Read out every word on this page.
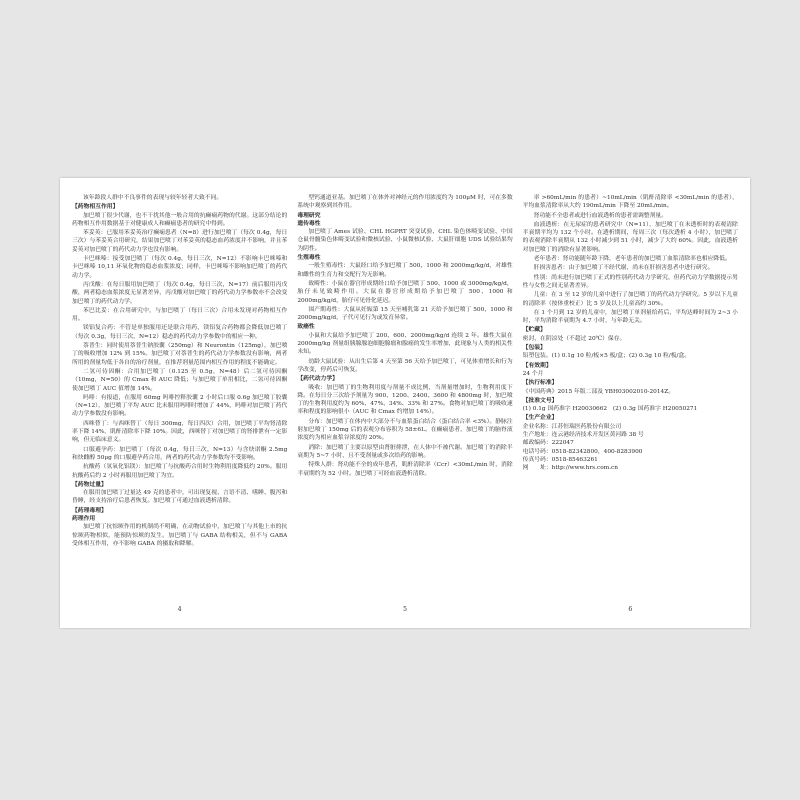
该年龄段人群中不良事件的表现与较年轻者大致不同。

【药物相互作用】

加巴喷丁很少代谢，也不干扰其他一般合用的抗癫痫药物的代谢。这部分结论的药物相互作用数据基于对健康成人和癫痫患者的研究中得到。

苯妥英：已服用苯妥英治疗癫痫患者（N=8）进行加巴喷丁（每次 0.4g，每日三次）与苯妥英合用研究，结果加巴喷丁对苯妥英的稳态血药浓度并不影响，并且苯妥英对加巴喷丁的药代动力学也没有影响。

卡巴咪嗪：接受加巴喷丁（每次 0.4g，每日三次，N=12）不影响卡巴咪嗪和卡巴咪嗪 10,11 环氧化物的稳态血浆浓度；同样，卡巴咪嗪不影响加巴喷丁的药代动力学。

丙戊酸：在每日服用加巴喷丁（每次 0.4g，每日三次，N=17）前后服用丙戊酸，两者稳态血浆浓度无显著差异，丙戊酸对加巴喷丁的药代动力学参数亦不会改变加巴喷丁的药代动力学。

苯巴比妥：在合用研究中，与加巴喷丁（每日三次）合用未发现对药物相互作用。

镁铝复合药：不管是单独服用还是联合用药，镁铝复合药物都会降低加巴喷丁（每次 0.3g，每日三次，N=12）稳态的药代动力学参数中的相应一种。

萘普生：同时使用萘普生钠胶囊（250mg）和 Neurontin（125mg），加巴喷丁的吸收增加 12% 到 15%。加巴喷丁对萘普生的药代动力学参数没有影响，两者所用的剂量均低于各自的治疗剂量，在推荐剂量范围内相互作用的程度不能确定。

二氢可待因酮：合用加巴喷丁（0.125 至 0.5g，N=48）后二氢可待因酮（10mg，N=50）的 Cmax 和 AUC 降低；与加巴喷丁单用相比，二氢可待因酮使加巴喷丁 AUC 值增加 14%。

吗啡：有报道，在服用 60mg 吗啡控释胶囊 2 小时后口服 0.6g 加巴喷丁胶囊（N=12），加巴喷丁平均 AUC 比未服用吗啡时增加了 44%，吗啡对加巴喷丁药代动力学参数没有影响。

西咪替丁：与西咪替丁（每日 300mg，每日四次）合用，加巴喷丁平均肾清除率下降 14%，肌酐清除率下降 10%。因此，西咪替丁对加巴喷丁的肾排泄有一定影响，但无临床意义。

口服避孕药：加巴喷丁（每次 0.4g，每日三次，N=13）与含炔诺酮 2.5mg 和炔雌醇 50μg 的口服避孕药合用，两者的药代动力学参数均不受影响。

抗酸药（氢氧化铝镁）：加巴喷丁与抗酸药合用时生物利用度降低约 20%。服用抗酸药后约 2 小时再服用加巴喷丁为宜。

【药物过量】

在服用加巴喷丁过量达 49 克的患者中，可出现复视、言语不清、嗜睡、腹泻和昏睡，经支持治疗后患者恢复。加巴喷丁可通过血液透析清除。

【药理毒理】

药理作用

加巴喷丁抗惊厥作用的机制尚不明确，在动物试验中，加巴喷丁与其他上市的抗惊厥药物相似，能预防惊厥的发生。加巴喷丁与 GABA 结构相关，但不与 GABA 受体相互作用，亦不影响 GABA 的摄取和降解。

4

型钙通道亚基。加巴喷丁在体外对神经元的作用浓度约为 100μM 时，可在多数系统中观察到其作用。

毒理研究

遗传毒性

加巴喷丁 Ames 试验、CHL HGPRT 突变试验、CHL 染色体畸变试验、中国仓鼠骨髓染色体畸变试验和微核试验、小鼠微核试验、大鼠肝细胞 UDS 试验结果均为阴性。

生殖毒性

一般生殖毒性：大鼠经口给予加巴喷丁 500、1000 和 2000mg/kg/d，对雄性和雌性的生育力和交配行为无影响。

致畸性：小鼠在器官形成期经口给予加巴喷丁 500、1000 或 3000mg/kg/d，胎仔未见致畸作用。大鼠在器官形成期给予加巴喷丁 500、1000 和 2000mg/kg/d，胎仔可见骨化延迟。

围产期毒性：大鼠从妊娠第 15 天至哺乳第 21 天给予加巴喷丁 500、1000 和 2000mg/kg/d，子代可见行为或发育异常。

致癌性

小鼠和大鼠给予加巴喷丁 200、600、2000mg/kg/d 连续 2 年。雄性大鼠在 2000mg/kg 剂量组胰腺腺泡细胞腺瘤和腺癌的发生率增加，此现象与人类的相关性未知。

幼龄大鼠试验：从出生后第 4 天至第 56 天给予加巴喷丁，可见体重增长和行为学改变，停药后可恢复。

【药代动力学】

吸收：加巴喷丁的生物利用度与剂量不成比例，当剂量增加时，生物利用度下降。在每日分三次给予剂量为 900、1200、2400、3600 和 4800mg 时，加巴喷丁的生物利用度约为 60%、47%、34%、33% 和 27%。食物对加巴喷丁的吸收速率和程度的影响很小（AUC 和 Cmax 约增加 14%）。

分布：加巴喷丁在体内中大部分不与血浆蛋白结合（蛋白结合率 <3%）。静脉注射加巴喷丁 150mg 后的表观分布容积为 58±6L。在癫痫患者，加巴喷丁的脑脊液浓度约为相应血浆谷浓度的 20%。

消除：加巴喷丁主要以原型由肾脏排泄，在人体中不被代谢。加巴喷丁的消除半衰期为 5~7 小时，且不受剂量或多次给药的影响。

特殊人群：肾功能不全的成年患者，肌酐清除率（Ccr）<30mL/min 时，消除半衰期约为 52 小时。加巴喷丁可经血液透析清除。

5

率 >60mL/min 的患者）~10mL/min（肌酐清除率 <30mL/min 的患者），平均血浆清除率从大约 190mL/min 下降至 20mL/min。

肾功能不全患者或进行血液透析的患者需调整剂量。

血液透析：在无尿症的患者研究中（N=11），加巴喷丁在未透析时的表观清除半衰期平均为 132 个小时。在透析期间，每周三次（每次透析 4 小时），加巴喷丁的表观消除半衰期从 132 小时减少到 51 小时，减少了大约 60%。因此，血液透析对加巴喷丁的消除有显著影响。

老年患者：肾功能随年龄下降，老年患者的加巴喷丁血浆清除率也相应降低。

肝损害患者：由于加巴喷丁不经代谢，尚未在肝损害患者中进行研究。

性别：尚未进行加巴喷丁正式的性别药代动力学研究，但药代动力学数据提示男性与女性之间无显著差异。

儿童：在 3 至 12 岁的儿童中进行了加巴喷丁的药代动力学研究。5 岁以下儿童的清除率（按体重校正）比 5 岁及以上儿童高约 30%。

在 1 个月到 12 岁的儿童中，加巴喷丁单剂量给药后，平均达峰时间为 2~3 小时，平均消除半衰期为 4.7 小时，与年龄无关。

【贮藏】

密封，在阴凉处（不超过 20℃）保存。

【包装】

铝塑包装。(1) 0.1g 10 粒/板×5 板/盒；(2) 0.3g 10 粒/板/盒。

【有效期】

24 个月

【执行标准】

《中国药典》2015 年版二部及 YBH03002010-2014Z。

【批准文号】

(1) 0.1g 国药准字 H20030662　(2) 0.3g 国药准字 H20050271

【生产企业】

企业名称：江苏恒瑞医药股份有限公司

生产地址：连云港经济技术开发区黄河路 38 号

邮政编码：222047

电话号码：0518-82342800，400-8283900

传真号码：0518-85463261

网　　址：http://www.hrs.com.cn

6
